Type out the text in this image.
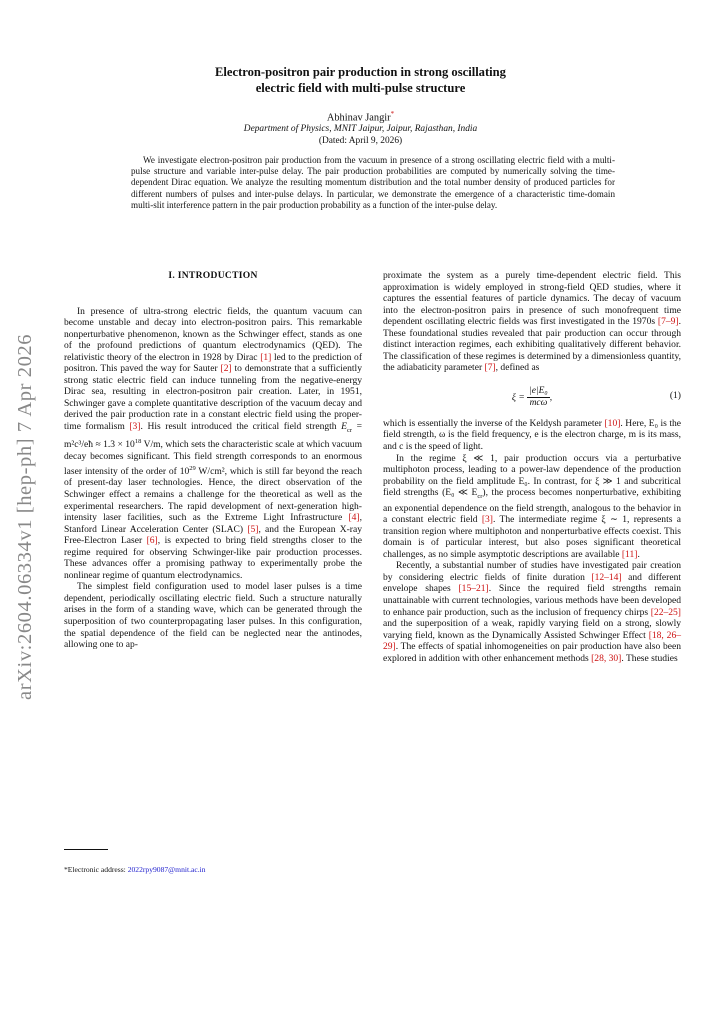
arXiv:2604.06334v1 [hep-ph] 7 Apr 2026
Electron-positron pair production in strong oscillating
electric field with multi-pulse structure
Abhinav Jangir*
Department of Physics, MNIT Jaipur, Jaipur, Rajasthan, India
(Dated: April 9, 2026)
We investigate electron-positron pair production from the vacuum in presence of a strong oscillating electric field with a multi-pulse structure and variable inter-pulse delay. The pair production probabilities are computed by numerically solving the time-dependent Dirac equation. We analyze the resulting momentum distribution and the total number density of produced particles for different numbers of pulses and inter-pulse delays. In particular, we demonstrate the emergence of a characteristic time-domain multi-slit interference pattern in the pair production probability as a function of the inter-pulse delay.
I. INTRODUCTION

In presence of ultra-strong electric fields, the quantum vacuum can become unstable and decay into electron-positron pairs. This remarkable nonperturbative phenomenon, known as the Schwinger effect, stands as one of the profound predictions of quantum electrodynamics (QED). The relativistic theory of the electron in 1928 by Dirac [1] led to the prediction of positron. This paved the way for Sauter [2] to demonstrate that a sufficiently strong static electric field can induce tunneling from the negative-energy Dirac sea, resulting in electron-positron pair creation. Later, in 1951, Schwinger gave a complete quantitative description of the vacuum decay and derived the pair production rate in a constant electric field using the proper-time formalism [3]. His result introduced the critical field strength $E_{cr}$ = m²c³/eħ ≈ $1.3 \times 10^{18}$ V/m, which sets the characteristic scale at which vacuum decay becomes significant. This field strength corresponds to an enormous laser intensity of the order of $10^{29}$ W/cm², which is still far beyond the reach of present-day laser technologies. Hence, the direct observation of the Schwinger effect a remains a challenge for the theoretical as well as the experimental researchers. The rapid development of next-generation high-intensity laser facilities, such as the Extreme Light Infrastructure [4], Stanford Linear Acceleration Center (SLAC) [5], and the European X-ray Free-Electron Laser [6], is expected to bring field strengths closer to the regime required for observing Schwinger-like pair production processes. These advances offer a promising pathway to experimentally probe the nonlinear regime of quantum electrodynamics.

The simplest field configuration used to model laser pulses is a time dependent, periodically oscillating electric field. Such a structure naturally arises in the form of a standing wave, which can be generated through the superposition of two counterpropagating laser pulses. In this configuration, the spatial dependence of the field can be neglected near the antinodes, allowing one to ap-

proximate the system as a purely time-dependent electric field. This approximation is widely employed in strong-field QED studies, where it captures the essential features of particle dynamics. The decay of vacuum into the electron-positron pairs in presence of such monofrequent time dependent oscillating electric fields was first investigated in the 1970s [7–9]. These foundational studies revealed that pair production can occur through distinct interaction regimes, each exhibiting qualitatively different behavior. The classification of these regimes is determined by a dimensionless quantity, the adiabaticity parameter [7], defined as

$\xi = \frac{\text{|e|E₀}}{\text{mcω}}$ ,	(1)

which is essentially the inverse of the Keldysh parameter [10]. Here, E₀ is the field strength, ω is the field frequency, e is the electron charge, m is its mass, and c is the speed of light.

In the regime ξ ≪ 1, pair production occurs via a perturbative multiphoton process, leading to a power-law dependence of the production probability on the field amplitude E₀. In contrast, for ξ ≫ 1 and subcritical field strengths (E₀ ≪ $E_{cr}$), the process becomes nonperturbative, exhibiting an exponential dependence on the field strength, analogous to the behavior in a constant electric field [3]. The intermediate regime ξ ∼ 1, represents a transition region where multiphoton and nonperturbative effects coexist. This domain is of particular interest, but also poses significant theoretical challenges, as no simple asymptotic descriptions are available [11].

Recently, a substantial number of studies have investigated pair creation by considering electric fields of finite duration [12–14] and different envelope shapes [15–21]. Since the required field strengths remain unattainable with current technologies, various methods have been developed to enhance pair production, such as the inclusion of frequency chirps [22–25] and the superposition of a weak, rapidly varying field on a strong, slowly varying field, known as the Dynamically Assisted Schwinger Effect [18, 26–29]. The effects of spatial inhomogeneities on pair production have also been explored in addition with other enhancement methods [28, 30]. These studies

*Electronic address: 2022rpy9087@mnit.ac.in
